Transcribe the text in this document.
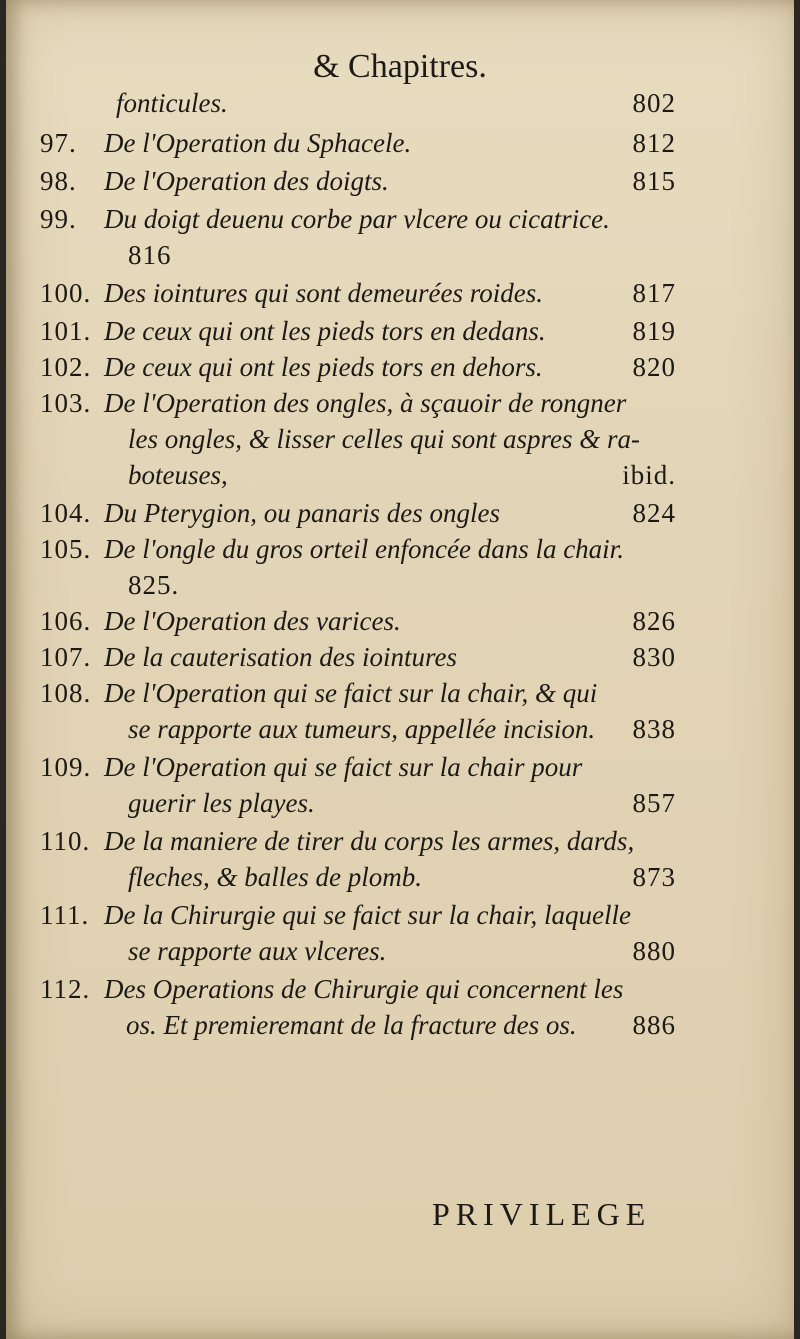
& Chapitres.
fonticules.	802
97. De l'Operation du Sphacele.	812
98. De l'Operation des doigts.	815
99. Du doigt deuenu corbe par vlcere ou cicatrice.
816
100. Des iointures qui sont demeurées roides.	817
101. De ceux qui ont les pieds tors en dedans.	819
102. De ceux qui ont les pieds tors en dehors.	820
103. De l'Operation des ongles, à sçauoir de rongner
les ongles, & lisser celles qui sont aspres & ra-
boteuses,	ibid.
104. Du Pterygion, ou panaris des ongles	824
105. De l'ongle du gros orteil enfoncée dans la chair.
825.
106. De l'Operation des varices.	826
107. De la cauterisation des iointures	830
108. De l'Operation qui se faict sur la chair, & qui
se rapporte aux tumeurs, appellée incision.	838
109. De l'Operation qui se faict sur la chair pour
guerir les playes.	857
110. De la maniere de tirer du corps les armes, dards,
fleches, & balles de plomb.	873
111. De la Chirurgie qui se faict sur la chair, laquelle
se rapporte aux vlceres.	880
112. Des Operations de Chirurgie qui concernent les
os. Et premieremant de la fracture des os.	886
PRIVILEGE
